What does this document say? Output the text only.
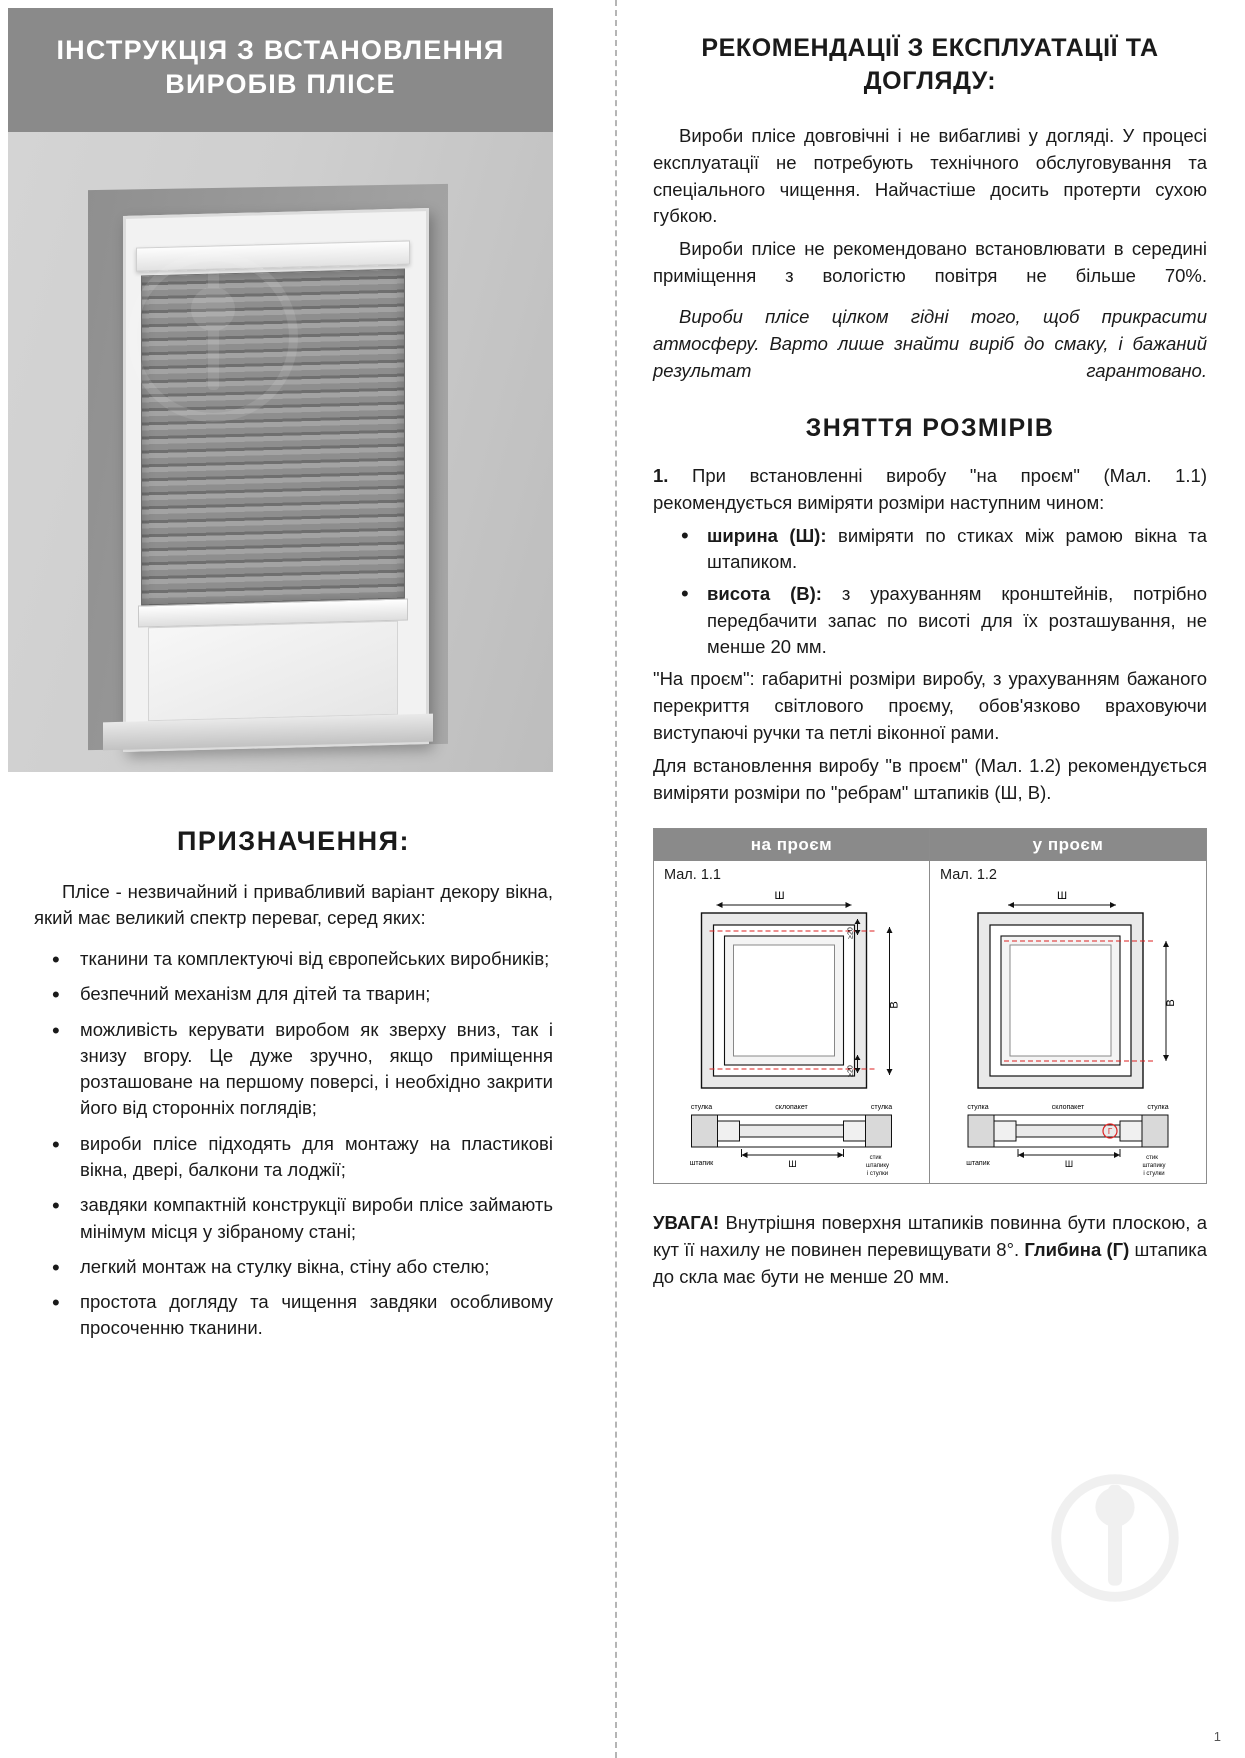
ІНСТРУКЦІЯ З ВСТАНОВЛЕННЯ ВИРОБІВ ПЛІСЕ
ПРИЗНАЧЕННЯ:

Пліcе - незвичайний і привабливий варіант декору вікна, який має великий спектр переваг, серед яких:

• тканини та комплектуючі від європейських виробників;
• безпечний механізм для дітей та тварин;
• можливість керувати виробом як зверху вниз, так і знизу вгору. Це дуже зручно, якщо приміщення розташоване на першому поверсі, і необхідно закрити його від сторонніх поглядів;
• вироби пліcе підходять для монтажу на пластикові вікна, двері, балкони та лоджії;
• завдяки компактній конструкції вироби пліcе займають мінімум місця у зібраному стані;
• легкий монтаж на стулку вікна, стіну або стелю;
• простота догляду та чищення завдяки особливому просоченню тканини.
РЕКОМЕНДАЦІЇ З ЕКСПЛУАТАЦІЇ ТА ДОГЛЯДУ:

Вироби пліcе довговічні і не вибагливі у догляді. У процесі експлуатації не потребують технічного обслуговування та спеціального чищення. Найчастіше досить протерти сухою губкою.

Вироби пліcе не рекомендовано встановлювати в середині приміщення з вологістю повітря не більше 70%.

Вироби пліcе цілком гідні того, щоб прикрасити атмосферу. Варто лише знайти виріб до смаку, і бажаний результат гарантовано.

ЗНЯТТЯ РОЗМІРІВ

1. При встановленні виробу "на проєм" (Мал. 1.1) рекомендується виміряти розміри наступним чином:

• ширина (Ш): виміряти по стиках між рамою вікна та штапиком.
• висота (В): з урахуванням кронштейнів, потрібно передбачити запас по висоті для їх розташування, не менше 20 мм.

"На проєм": габаритні розміри виробу, з урахуванням бажаного перекриття світлового проєму, обов'язково враховуючи виступаючі ручки та петлі віконної рами.

Для встановлення виробу "в проєм" (Мал. 1.2) рекомендується виміряти розміри по "ребрам" штапиків (Ш, В).

на проєм
Мал. 1.1
Ш
≥20
≥20
В
стулка	склопакет	стулка
штапик	Ш
стик
штапику
і стулки
у проєм
Мал. 1.2
Ш
В
Г
стулка	склопакет	стулка
штапик	Ш
стик
штапику
і стулки

УВАГА! Внутрішня поверхня штапиків повинна бути плоскою, а кут її нахилу не повинен перевищувати 8°. Глибина (Г) штапика до скла має бути не менше 20 мм.

1
